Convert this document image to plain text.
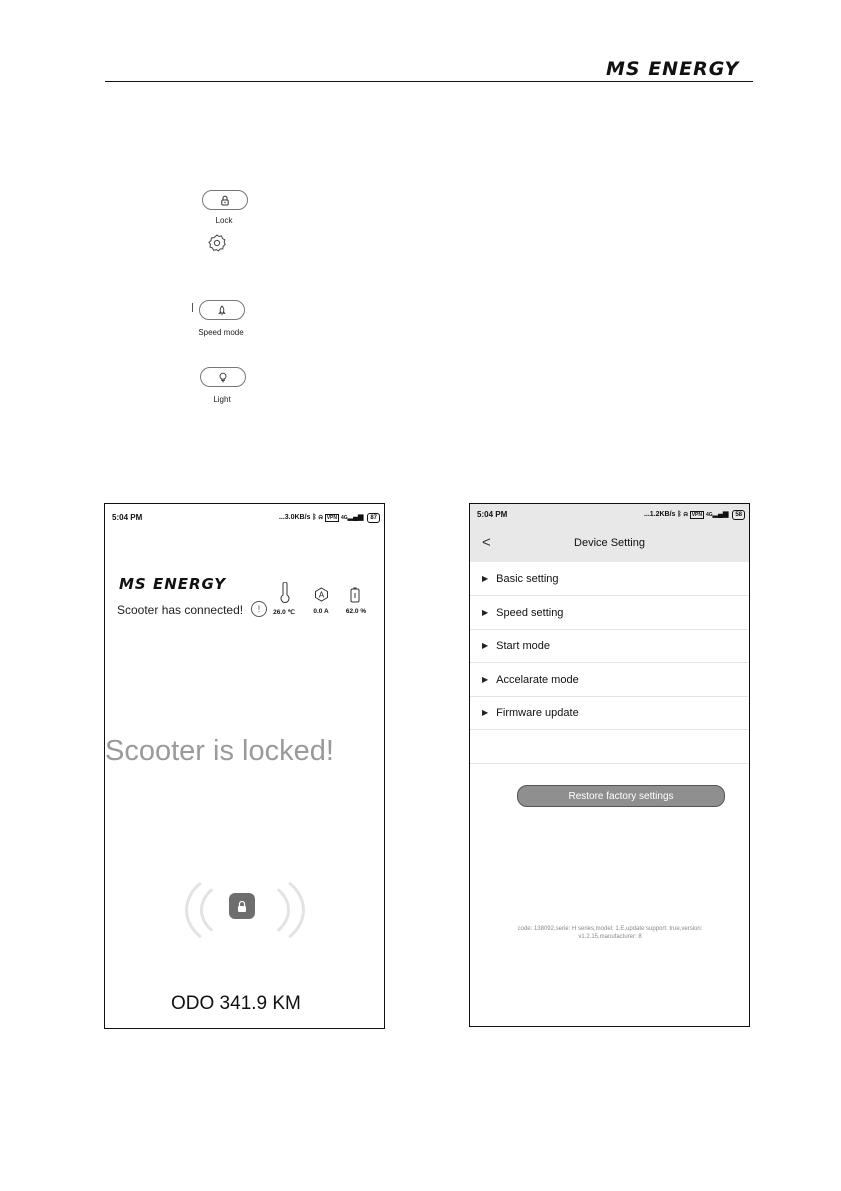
MS ENERGY
Lock
Speed mode
Light
5:04 PM	...3.0KB/s ᛒ ⍾ VPN 4G▂▄▆ 87
MS ENERGY
Scooter has connected!	!	26.0 ℃
A
0.0 A	62.0 %
Scooter is locked!
ODO 341.9 KM
5:04 PM	...1.2KB/s ᛒ ⍾ VPN 4G▂▄▆ 58
<	Device Setting
▶ Basic setting
▶ Speed setting
▶ Start mode
▶ Accelarate mode
▶ Firmware update
Restore factory settings
code: 138092,serie: H series,model: 1.E,update support: true,version:
v1.2.15,manufacturer: 8
